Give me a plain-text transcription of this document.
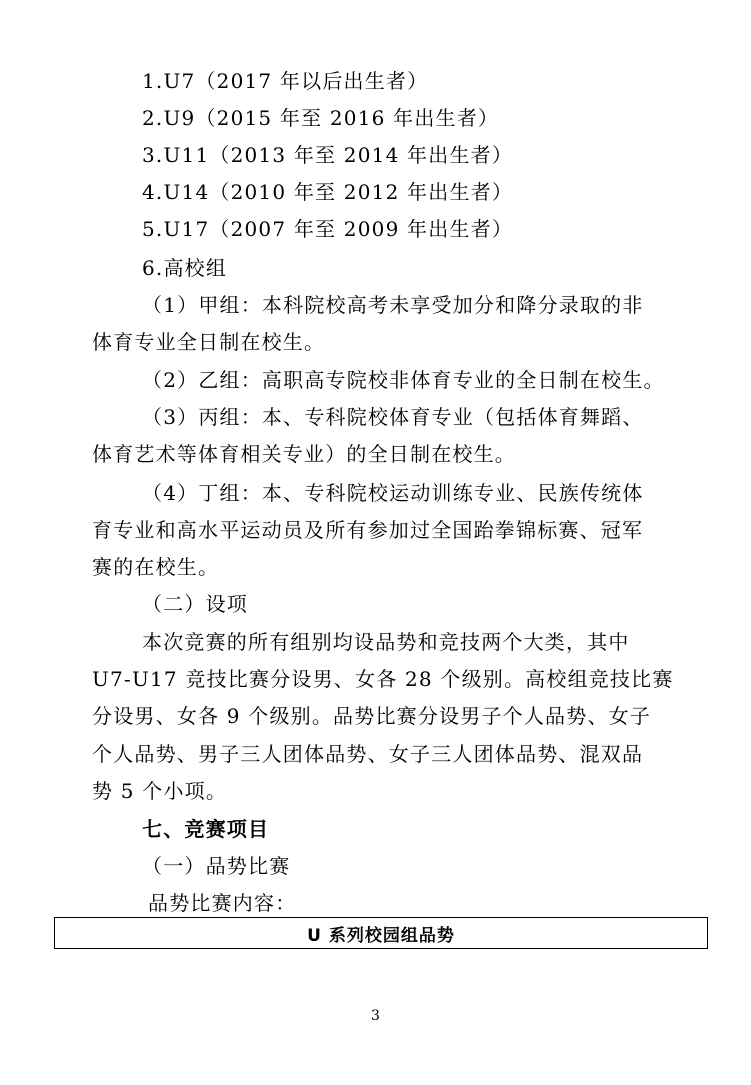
1.U7（2017 年以后出生者）
2.U9（2015 年至 2016 年出生者）
3.U11（2013 年至 2014 年出生者）
4.U14（2010 年至 2012 年出生者）
5.U17（2007 年至 2009 年出生者）
6.高校组
（1）甲组：本科院校高考未享受加分和降分录取的非
体育专业全日制在校生。
（2）乙组：高职高专院校非体育专业的全日制在校生。
（3）丙组：本、专科院校体育专业（包括体育舞蹈、
体育艺术等体育相关专业）的全日制在校生。
（4）丁组：本、专科院校运动训练专业、民族传统体
育专业和高水平运动员及所有参加过全国跆拳锦标赛、冠军
赛的在校生。
（二）设项
本次竞赛的所有组别均设品势和竞技两个大类，其中
U7-U17 竞技比赛分设男、女各 28 个级别。高校组竞技比赛
分设男、女各 9 个级别。品势比赛分设男子个人品势、女子
个人品势、男子三人团体品势、女子三人团体品势、混双品
势 5 个小项。
七、竞赛项目
（一）品势比赛
品势比赛内容：
U 系列校园组品势
3
